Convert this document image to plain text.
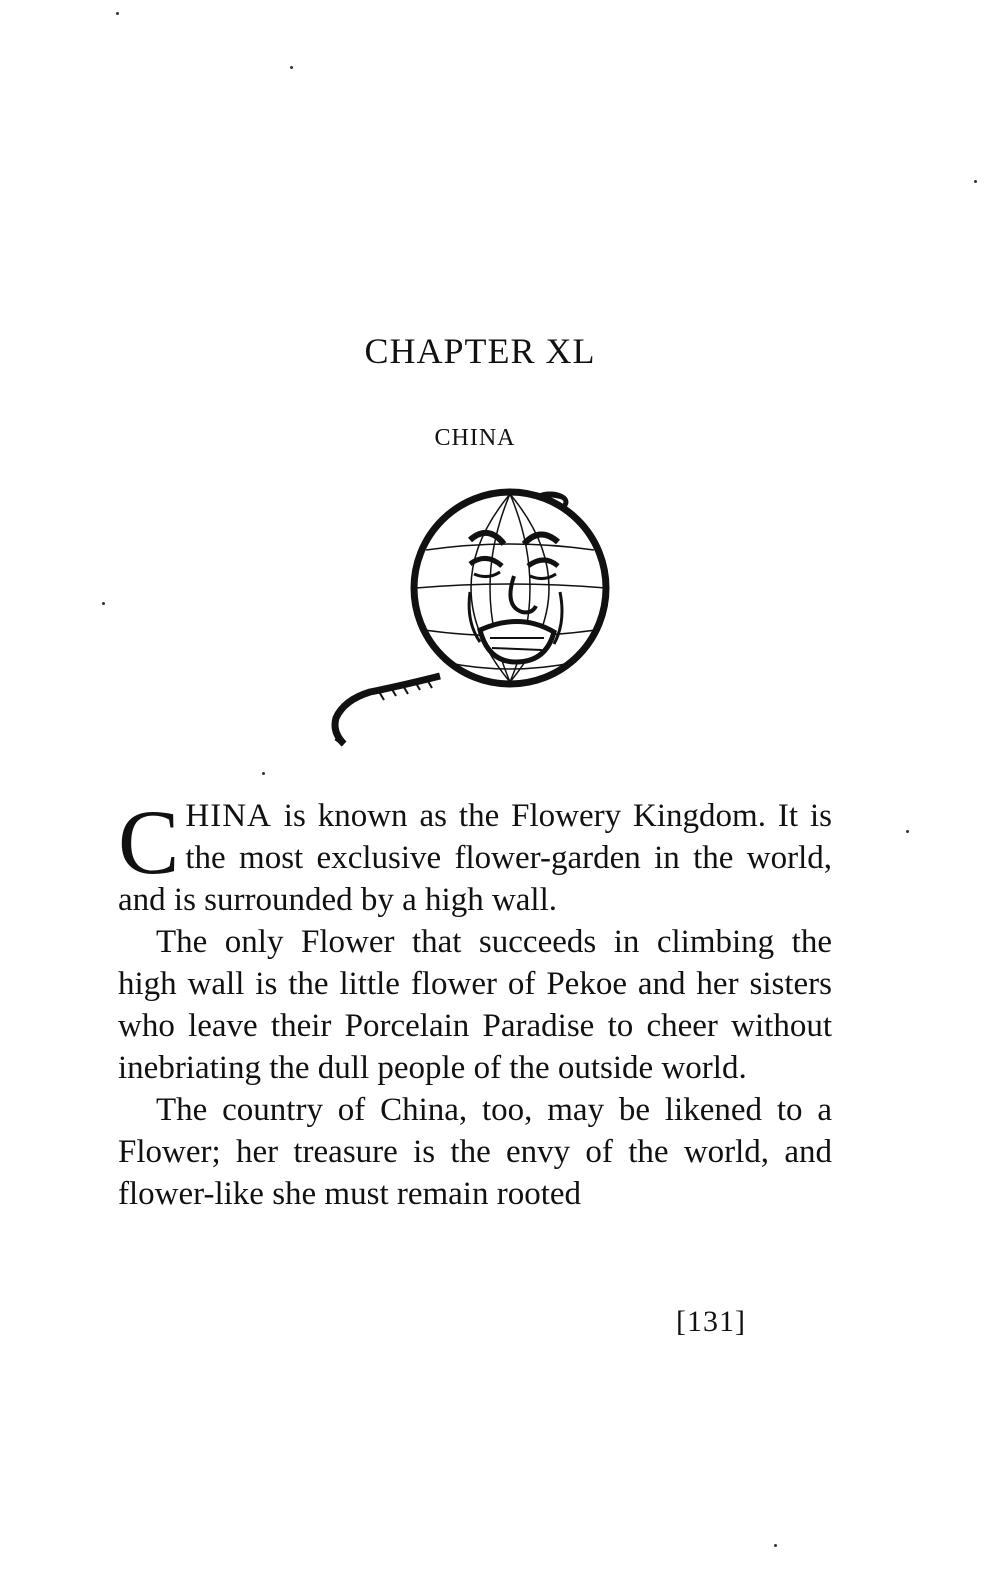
CHAPTER XL
CHINA

CHINA is known as the Flowery Kingdom. It is the most exclusive flower-garden in the world, and is surrounded by a high wall.

The only Flower that succeeds in climbing the high wall is the little flower of Pekoe and her sisters who leave their Porcelain Paradise to cheer without inebriating the dull people of the outside world.

The country of China, too, may be likened to a Flower; her treasure is the envy of the world, and flower-like she must remain rooted

[131]
